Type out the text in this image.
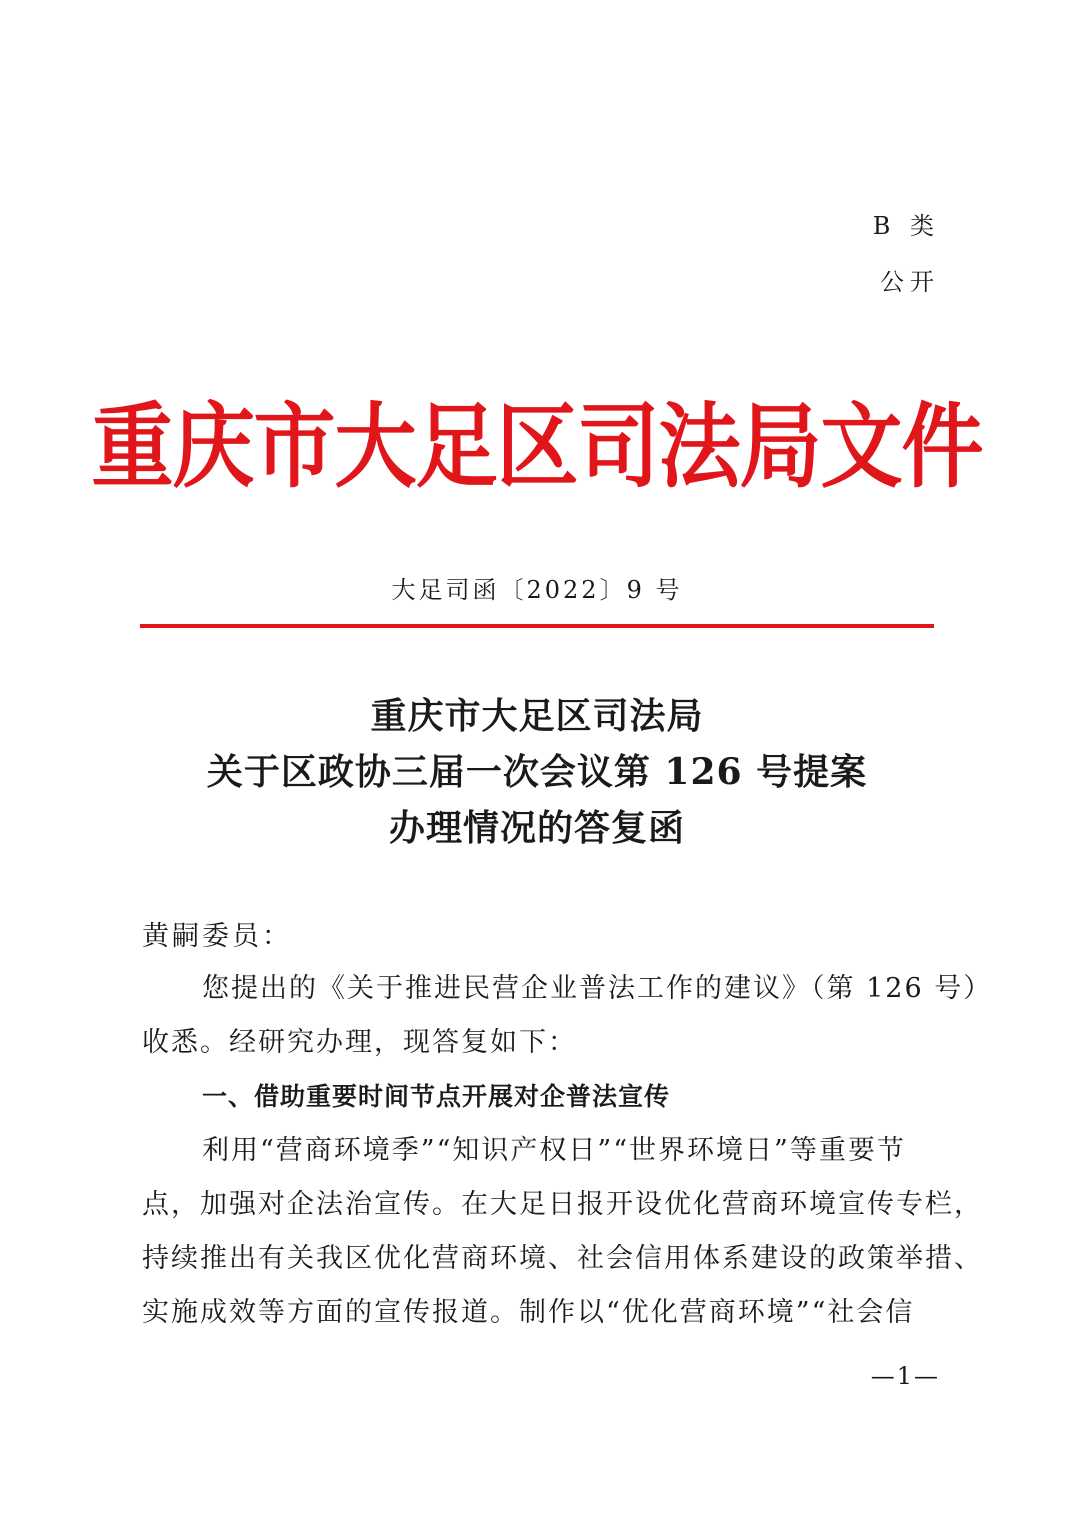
B 类
公开
重庆市大足区司法局文件
大足司函〔2022〕9 号
重庆市大足区司法局
关于区政协三届一次会议第 126 号提案
办理情况的答复函
黄嗣委员：
您提出的《关于推进民营企业普法工作的建议》（第 126 号）
收悉。经研究办理，现答复如下：
一、借助重要时间节点开展对企普法宣传
利用“营商环境季”“知识产权日”“世界环境日”等重要节
点，加强对企法治宣传。在大足日报开设优化营商环境宣传专栏，
持续推出有关我区优化营商环境、社会信用体系建设的政策举措、
实施成效等方面的宣传报道。制作以“优化营商环境”“社会信
—1—
